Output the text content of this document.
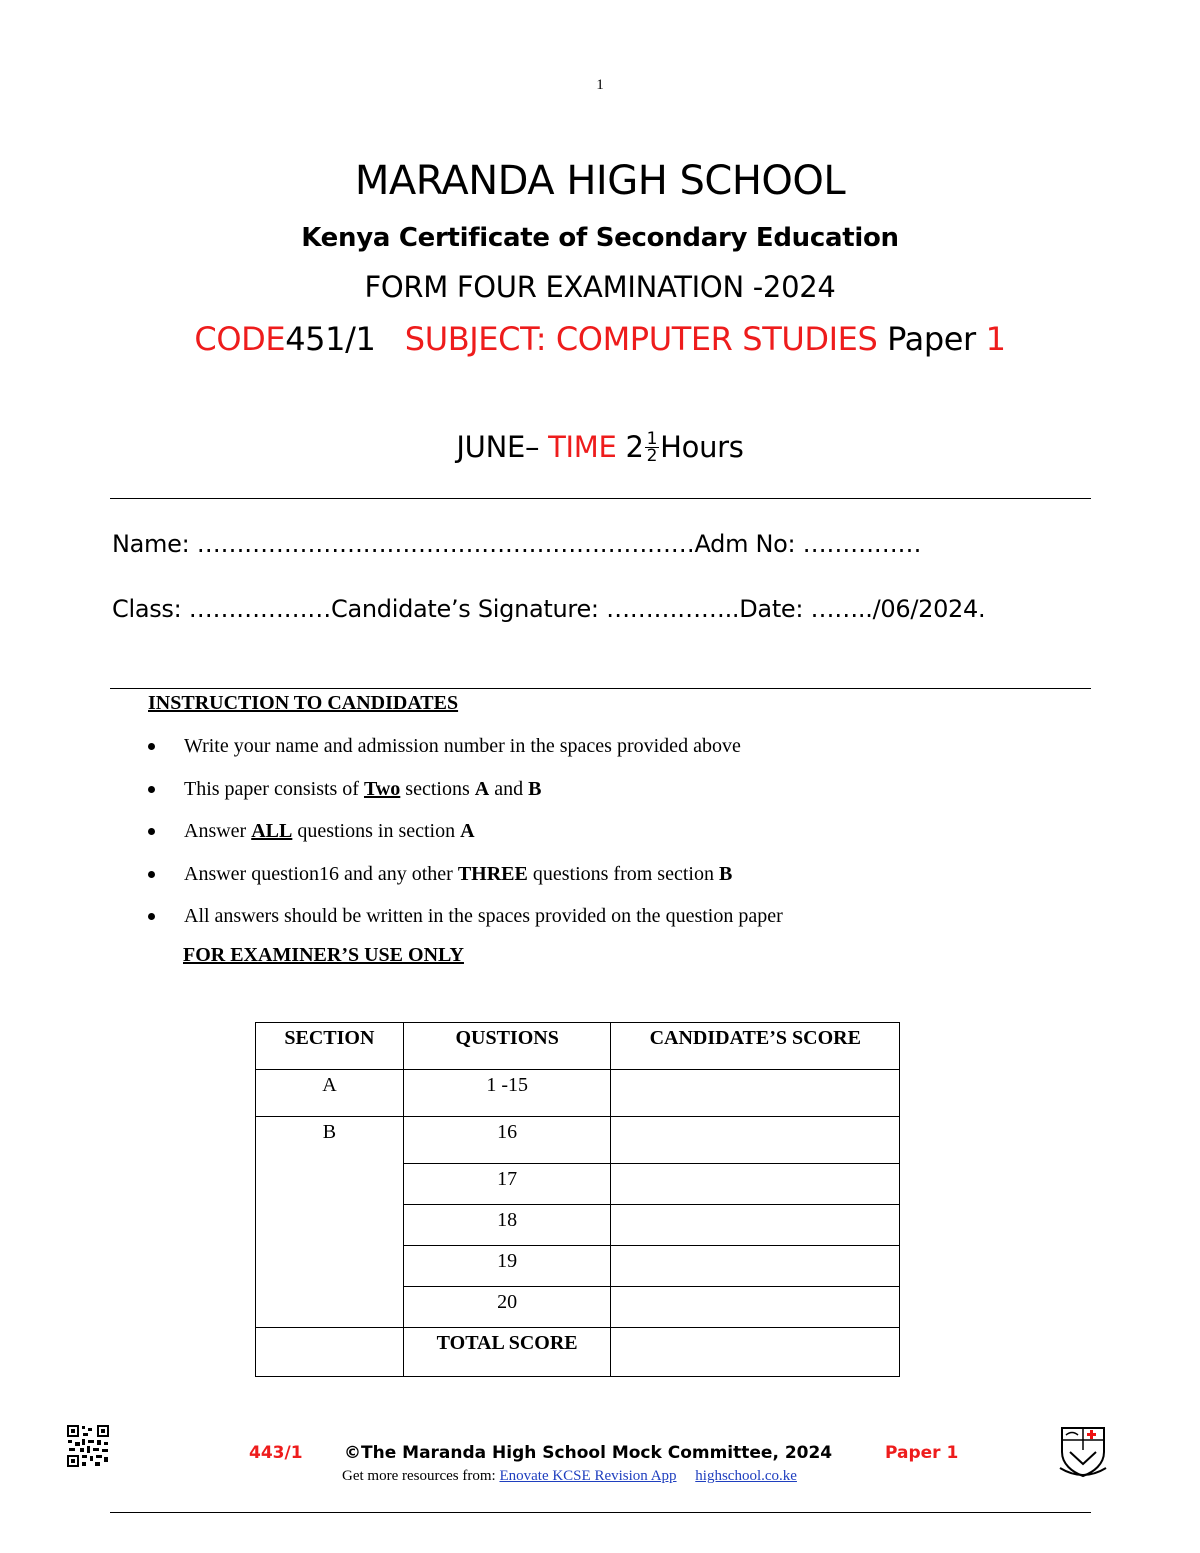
1
MARANDA HIGH SCHOOL
Kenya Certificate of Secondary Education
FORM FOUR EXAMINATION -2024
CODE451/1 SUBJECT: COMPUTER STUDIES Paper 1
JUNE– TIME $2 \frac{1}{2}$ Hours
Name: ………………………………………………………Adm No: ……………
Class: ………………Candidate’s Signature: ……………..Date: ……../06/2024.
INSTRUCTION TO CANDIDATES
Write your name and admission number in the spaces provided above
This paper consists of Two sections A and B
Answer ALL questions in section A
Answer question16 and any other THREE questions from section B
All answers should be written in the spaces provided on the question paper
FOR EXAMINER’S USE ONLY
SECTION	QUSTIONS	CANDIDATE’S SCORE
A	1 -15	
B	16	
	17	
	18	
	19	
	20	
	TOTAL SCORE	
443/1 ©The Maranda High School Mock Committee, 2024	Paper 1
Get more resources from: Enovate KCSE Revision App highschool.co.ke
